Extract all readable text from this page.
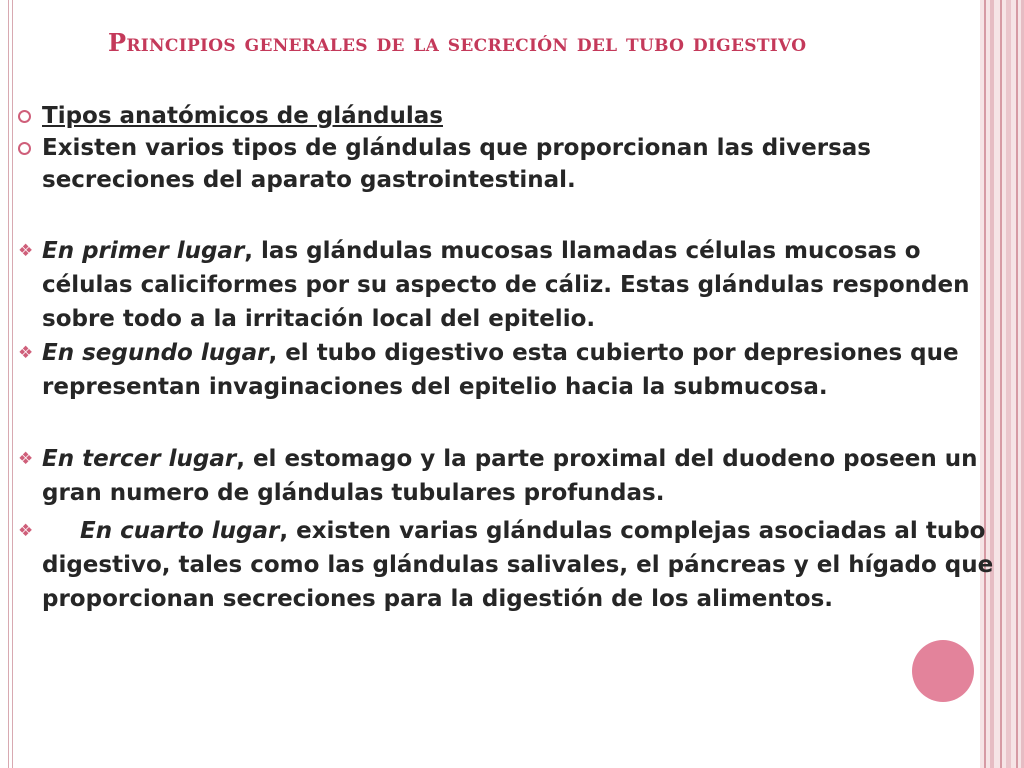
Principios generales de la secreción del tubo digestivo
Tipos anatómicos de glándulas
Existen varios tipos de glándulas que proporcionan las diversas secreciones del aparato gastrointestinal.
❖ En primer lugar, las glándulas mucosas llamadas células mucosas o células caliciformes por su aspecto de cáliz. Estas glándulas responden sobre todo a la irritación local del epitelio.
❖ En segundo lugar, el tubo digestivo esta cubierto por depresiones que representan invaginaciones del epitelio hacia la submucosa.
❖ En tercer lugar, el estomago y la parte proximal del duodeno poseen un gran numero de glándulas tubulares profundas.
❖ En cuarto lugar, existen varias glándulas complejas asociadas al tubo digestivo, tales como las glándulas salivales, el páncreas y el hígado que proporcionan secreciones para la digestión de los alimentos.
